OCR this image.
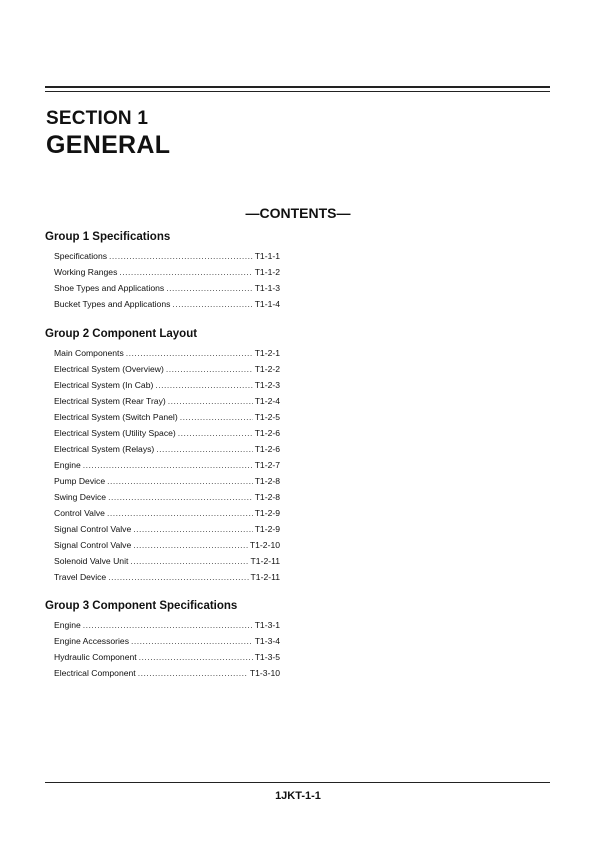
SECTION 1
GENERAL
—CONTENTS—
Group 1 Specifications
Specifications .....	T1-1-1
Working Ranges .....	T1-1-2
Shoe Types and Applications .....	T1-1-3
Bucket Types and Applications .....	T1-1-4
Group 2 Component Layout
Main Components .....	T1-2-1
Electrical System (Overview) .....	T1-2-2
Electrical System (In Cab) .....	T1-2-3
Electrical System (Rear Tray) .....	T1-2-4
Electrical System (Switch Panel) .....	T1-2-5
Electrical System (Utility Space) .....	T1-2-6
Electrical System (Relays) .....	T1-2-6
Engine .....	T1-2-7
Pump Device .....	T1-2-8
Swing Device .....	T1-2-8
Control Valve .....	T1-2-9
Signal Control Valve .....	T1-2-9
Signal Control Valve .....	T1-2-10
Solenoid Valve Unit .....	T1-2-11
Travel Device .....	T1-2-11
Group 3 Component Specifications
Engine .....	T1-3-1
Engine Accessories .....	T1-3-4
Hydraulic Component .....	T1-3-5
Electrical Component .....	T1-3-10
1JKT-1-1
